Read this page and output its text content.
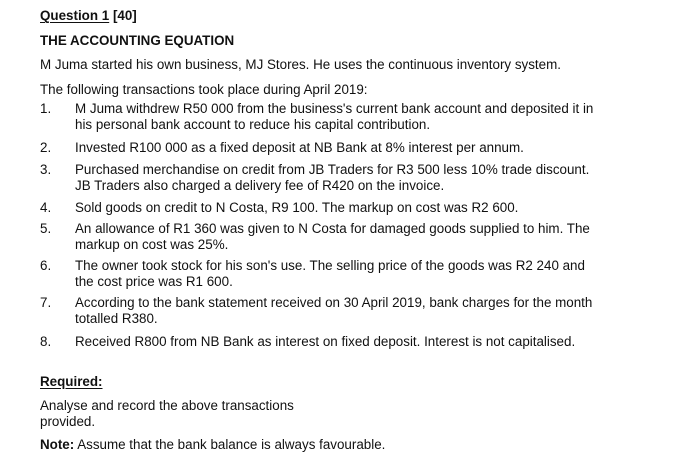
Question 1 [40]
THE ACCOUNTING EQUATION
M Juma started his own business, MJ Stores. He uses the continuous inventory system.
The following transactions took place during April 2019:
1.	M Juma withdrew R50 000 from the business's current bank account and deposited it in
his personal bank account to reduce his capital contribution.
2.	Invested R100 000 as a fixed deposit at NB Bank at 8% interest per annum.
3.	Purchased merchandise on credit from JB Traders for R3 500 less 10% trade discount.
JB Traders also charged a delivery fee of R420 on the invoice.
4.	Sold goods on credit to N Costa, R9 100. The markup on cost was R2 600.
5.	An allowance of R1 360 was given to N Costa for damaged goods supplied to him. The
markup on cost was 25%.
6.	The owner took stock for his son's use. The selling price of the goods was R2 240 and
the cost price was R1 600.
7.	According to the bank statement received on 30 April 2019, bank charges for the month
totalled R380.
8.	Received R800 from NB Bank as interest on fixed deposit. Interest is not capitalised.
Required:
Analyse and record the above transactions
provided.
Note: Assume that the bank balance is always favourable.
